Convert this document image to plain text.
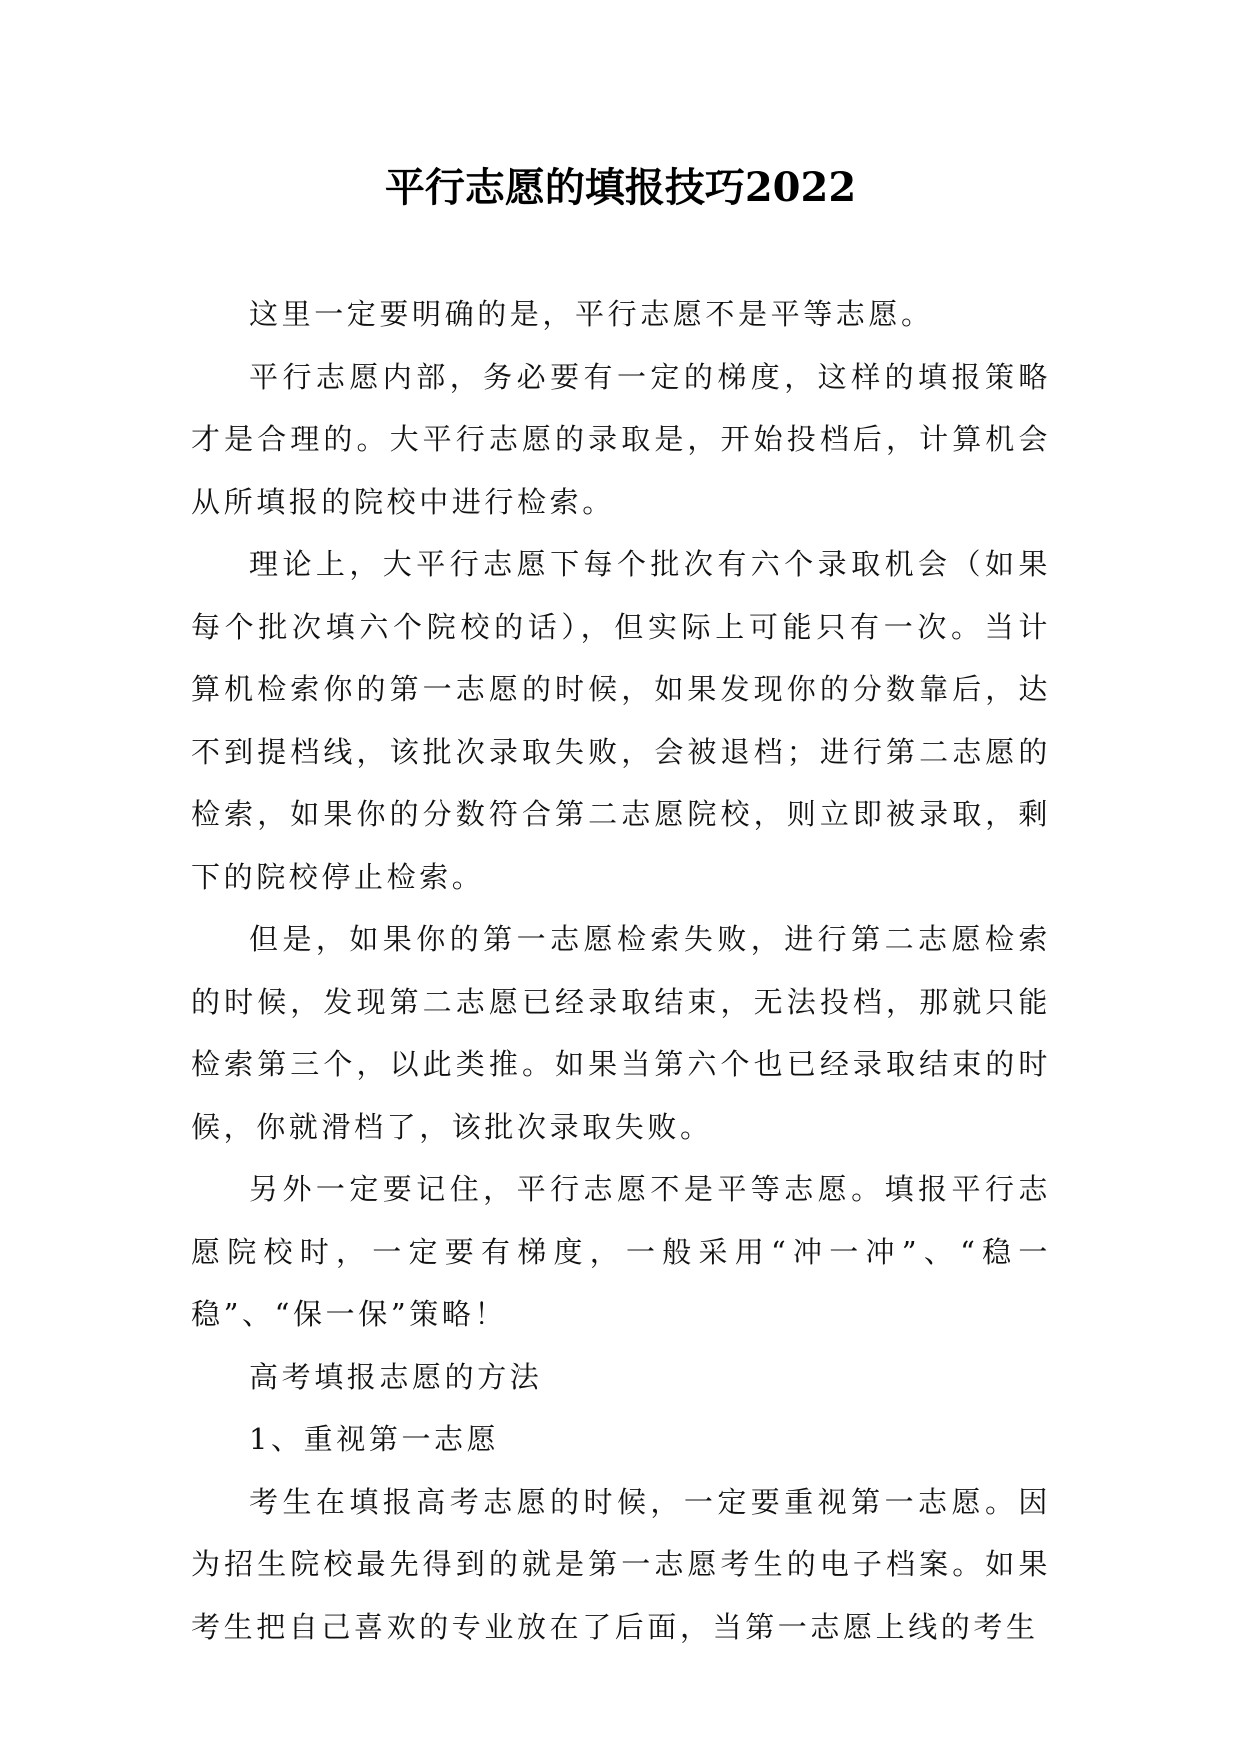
平行志愿的填报技巧2022

这里一定要明确的是，平行志愿不是平等志愿。

平行志愿内部，务必要有一定的梯度，这样的填报策略才是合理的。大平行志愿的录取是，开始投档后，计算机会从所填报的院校中进行检索。

理论上，大平行志愿下每个批次有六个录取机会（如果每个批次填六个院校的话），但实际上可能只有一次。当计算机检索你的第一志愿的时候，如果发现你的分数靠后，达不到提档线，该批次录取失败，会被退档；进行第二志愿的检索，如果你的分数符合第二志愿院校，则立即被录取，剩下的院校停止检索。

但是，如果你的第一志愿检索失败，进行第二志愿检索的时候，发现第二志愿已经录取结束，无法投档，那就只能检索第三个，以此类推。如果当第六个也已经录取结束的时候，你就滑档了，该批次录取失败。

另外一定要记住，平行志愿不是平等志愿。填报平行志愿院校时，一定要有梯度，一般采用“冲一冲”、“稳一稳”、“保一保”策略！

高考填报志愿的方法

1、重视第一志愿

考生在填报高考志愿的时候，一定要重视第一志愿。因为招生院校最先得到的就是第一志愿考生的电子档案。如果考生把自己喜欢的专业放在了后面，当第一志愿上线的考生
